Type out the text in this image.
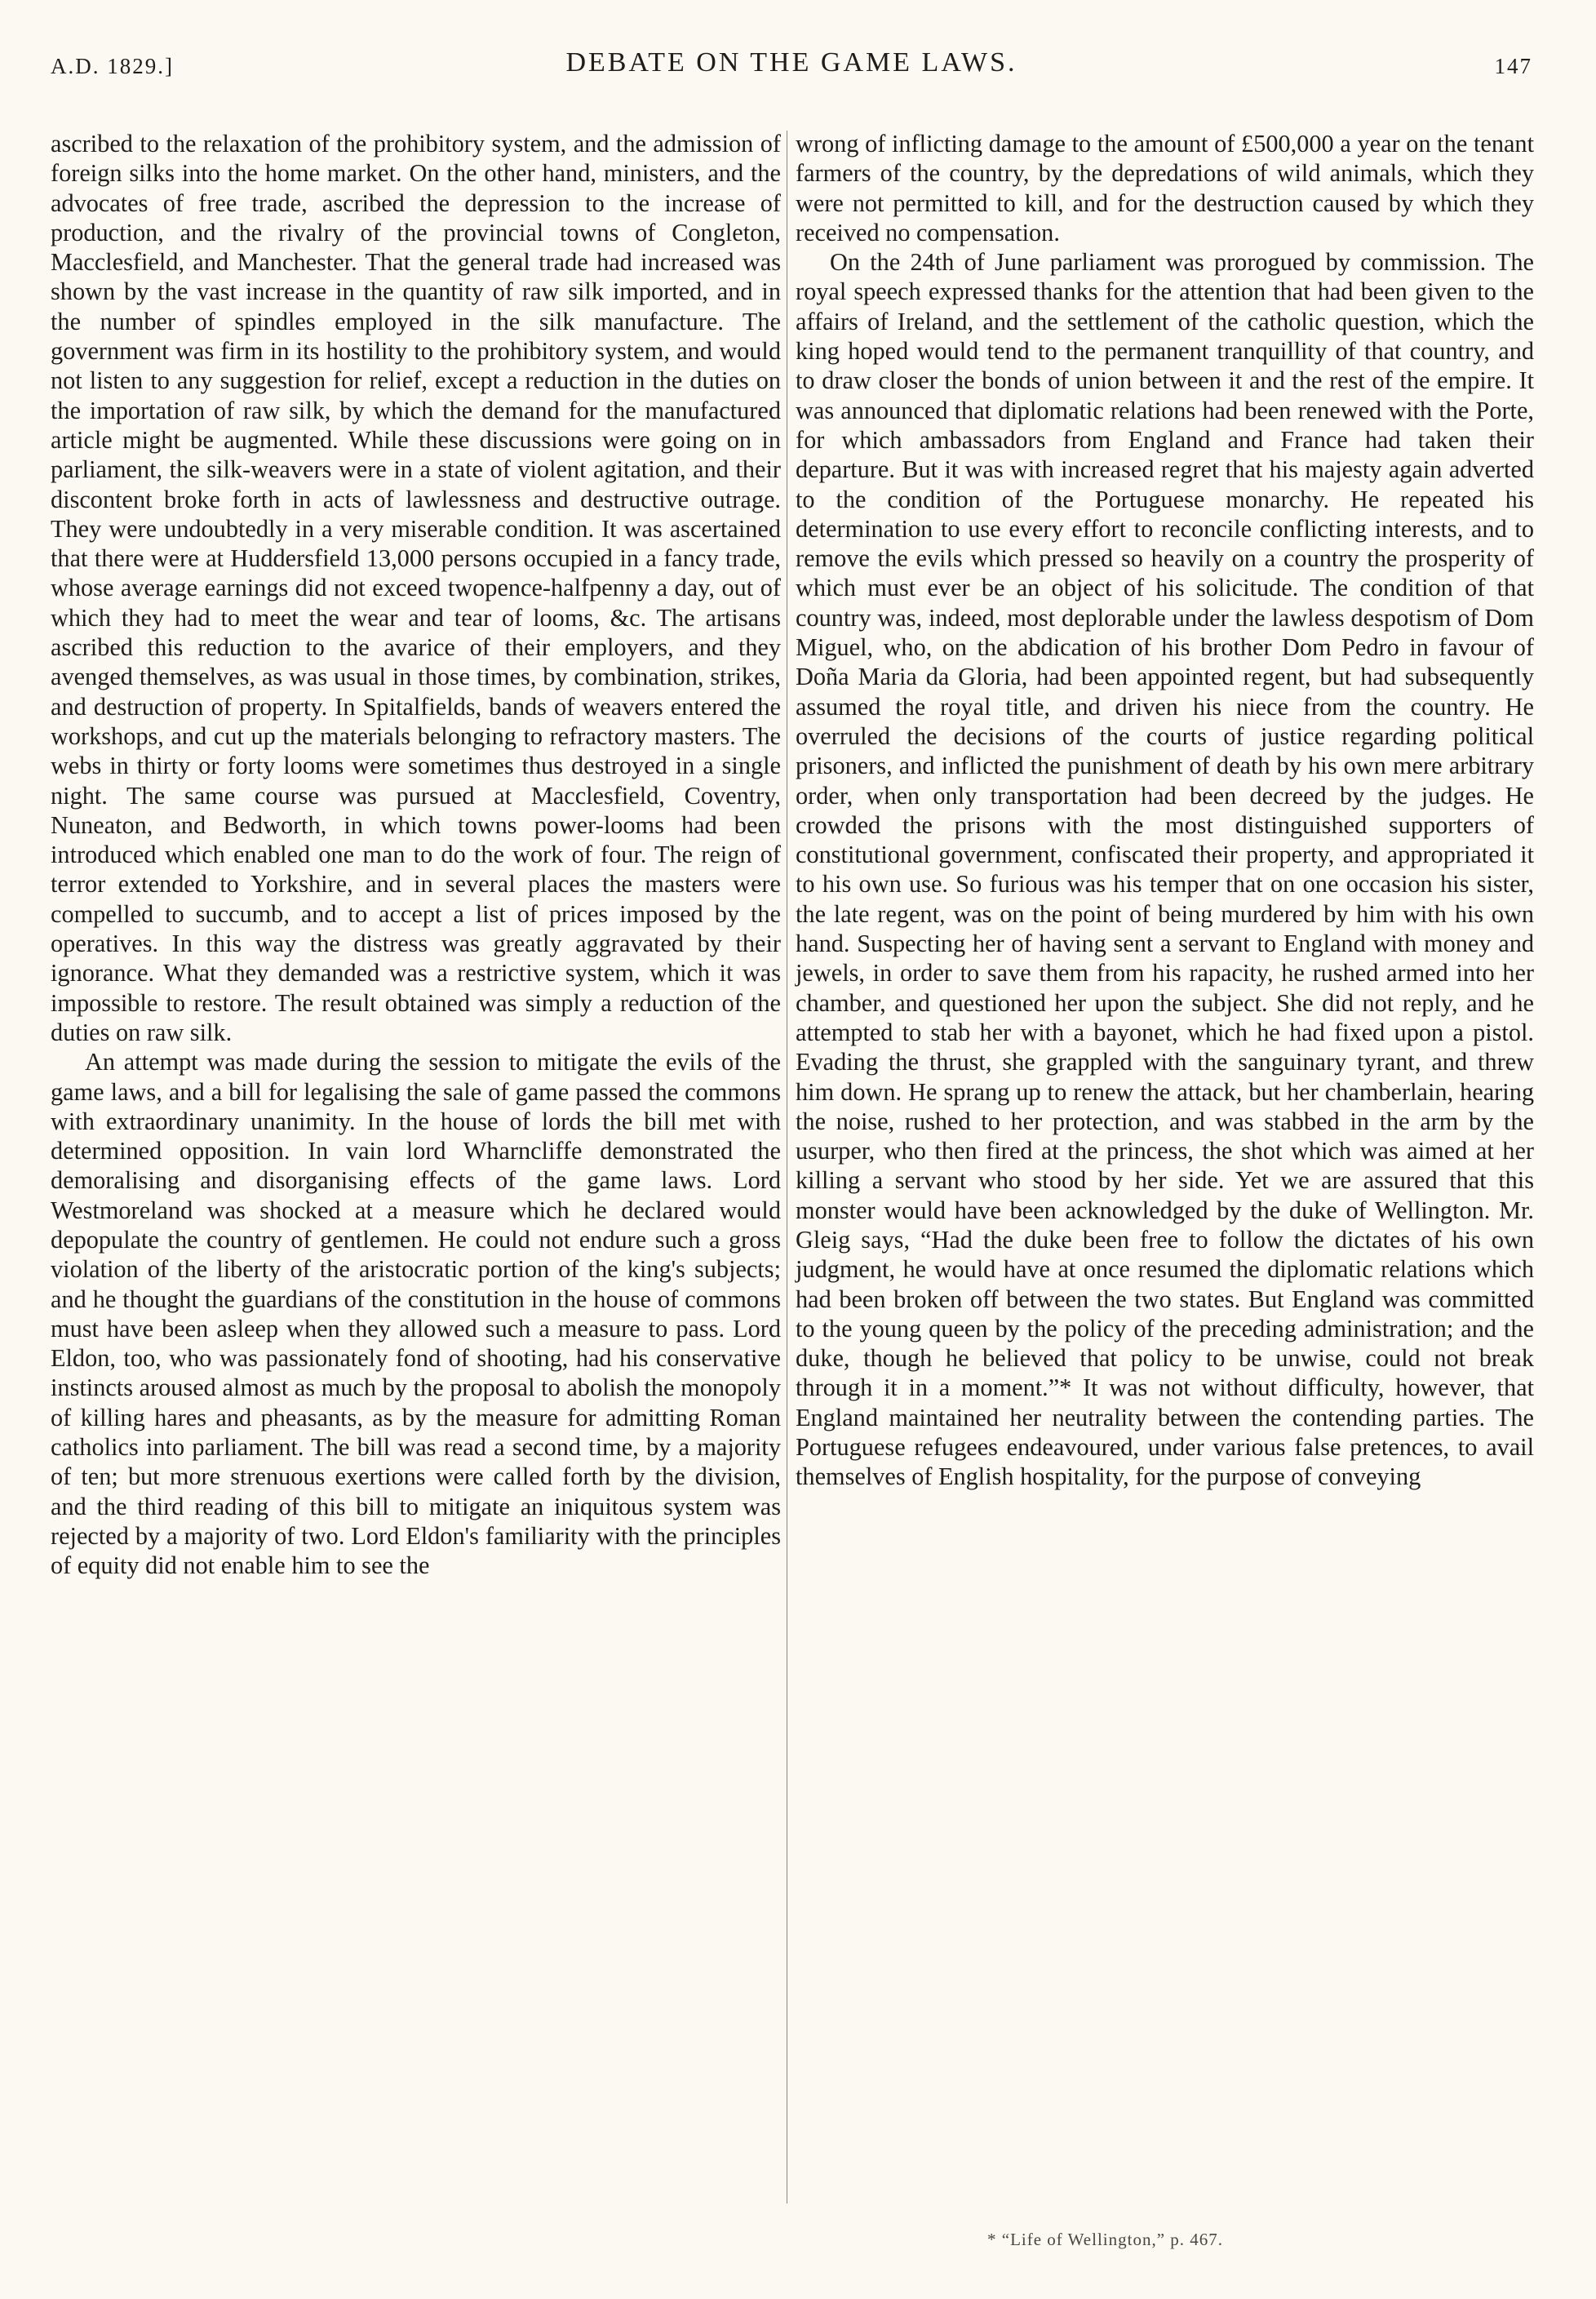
A.D. 1829.]	DEBATE ON THE GAME LAWS.	147

ascribed to the relaxation of the prohibitory system, and the admission of foreign silks into the home market. On the other hand, ministers, and the advocates of free trade, ascribed the depression to the increase of production, and the rivalry of the provincial towns of Congleton, Macclesfield, and Manchester. That the general trade had increased was shown by the vast increase in the quantity of raw silk imported, and in the number of spindles employed in the silk manufacture. The government was firm in its hostility to the prohibitory system, and would not listen to any suggestion for relief, except a reduction in the duties on the importation of raw silk, by which the demand for the manufactured article might be augmented. While these discussions were going on in parliament, the silk-weavers were in a state of violent agitation, and their discontent broke forth in acts of lawlessness and destructive outrage. They were undoubtedly in a very miserable condition. It was ascertained that there were at Huddersfield 13,000 persons occupied in a fancy trade, whose average earnings did not exceed twopence-halfpenny a day, out of which they had to meet the wear and tear of looms, &c. The artisans ascribed this reduction to the avarice of their employers, and they avenged themselves, as was usual in those times, by combination, strikes, and destruction of property. In Spitalfields, bands of weavers entered the workshops, and cut up the materials belonging to refractory masters. The webs in thirty or forty looms were sometimes thus destroyed in a single night. The same course was pursued at Macclesfield, Coventry, Nuneaton, and Bedworth, in which towns power-looms had been introduced which enabled one man to do the work of four. The reign of terror extended to Yorkshire, and in several places the masters were compelled to succumb, and to accept a list of prices imposed by the operatives. In this way the distress was greatly aggravated by their ignorance. What they demanded was a restrictive system, which it was impossible to restore. The result obtained was simply a reduction of the duties on raw silk.

An attempt was made during the session to mitigate the evils of the game laws, and a bill for legalising the sale of game passed the commons with extraordinary unanimity. In the house of lords the bill met with determined opposition. In vain lord Wharncliffe demonstrated the demoralising and disorganising effects of the game laws. Lord Westmoreland was shocked at a measure which he declared would depopulate the country of gentlemen. He could not endure such a gross violation of the liberty of the aristocratic portion of the king's subjects; and he thought the guardians of the constitution in the house of commons must have been asleep when they allowed such a measure to pass. Lord Eldon, too, who was passionately fond of shooting, had his conservative instincts aroused almost as much by the proposal to abolish the monopoly of killing hares and pheasants, as by the measure for admitting Roman catholics into parliament. The bill was read a second time, by a majority of ten; but more strenuous exertions were called forth by the division, and the third reading of this bill to mitigate an iniquitous system was rejected by a majority of two. Lord Eldon's familiarity with the principles of equity did not enable him to see the

wrong of inflicting damage to the amount of £500,000 a year on the tenant farmers of the country, by the depredations of wild animals, which they were not permitted to kill, and for the destruction caused by which they received no compensation.

On the 24th of June parliament was prorogued by commission. The royal speech expressed thanks for the attention that had been given to the affairs of Ireland, and the settlement of the catholic question, which the king hoped would tend to the permanent tranquillity of that country, and to draw closer the bonds of union between it and the rest of the empire. It was announced that diplomatic relations had been renewed with the Porte, for which ambassadors from England and France had taken their departure. But it was with increased regret that his majesty again adverted to the condition of the Portuguese monarchy. He repeated his determination to use every effort to reconcile conflicting interests, and to remove the evils which pressed so heavily on a country the prosperity of which must ever be an object of his solicitude. The condition of that country was, indeed, most deplorable under the lawless despotism of Dom Miguel, who, on the abdication of his brother Dom Pedro in favour of Doña Maria da Gloria, had been appointed regent, but had subsequently assumed the royal title, and driven his niece from the country. He overruled the decisions of the courts of justice regarding political prisoners, and inflicted the punishment of death by his own mere arbitrary order, when only transportation had been decreed by the judges. He crowded the prisons with the most distinguished supporters of constitutional government, confiscated their property, and appropriated it to his own use. So furious was his temper that on one occasion his sister, the late regent, was on the point of being murdered by him with his own hand. Suspecting her of having sent a servant to England with money and jewels, in order to save them from his rapacity, he rushed armed into her chamber, and questioned her upon the subject. She did not reply, and he attempted to stab her with a bayonet, which he had fixed upon a pistol. Evading the thrust, she grappled with the sanguinary tyrant, and threw him down. He sprang up to renew the attack, but her chamberlain, hearing the noise, rushed to her protection, and was stabbed in the arm by the usurper, who then fired at the princess, the shot which was aimed at her killing a servant who stood by her side. Yet we are assured that this monster would have been acknowledged by the duke of Wellington. Mr. Gleig says, “Had the duke been free to follow the dictates of his own judgment, he would have at once resumed the diplomatic relations which had been broken off between the two states. But England was committed to the young queen by the policy of the preceding administration; and the duke, though he believed that policy to be unwise, could not break through it in a moment.”* It was not without difficulty, however, that England maintained her neutrality between the contending parties. The Portuguese refugees endeavoured, under various false pretences, to avail themselves of English hospitality, for the purpose of conveying

* “Life of Wellington,” p. 467.
